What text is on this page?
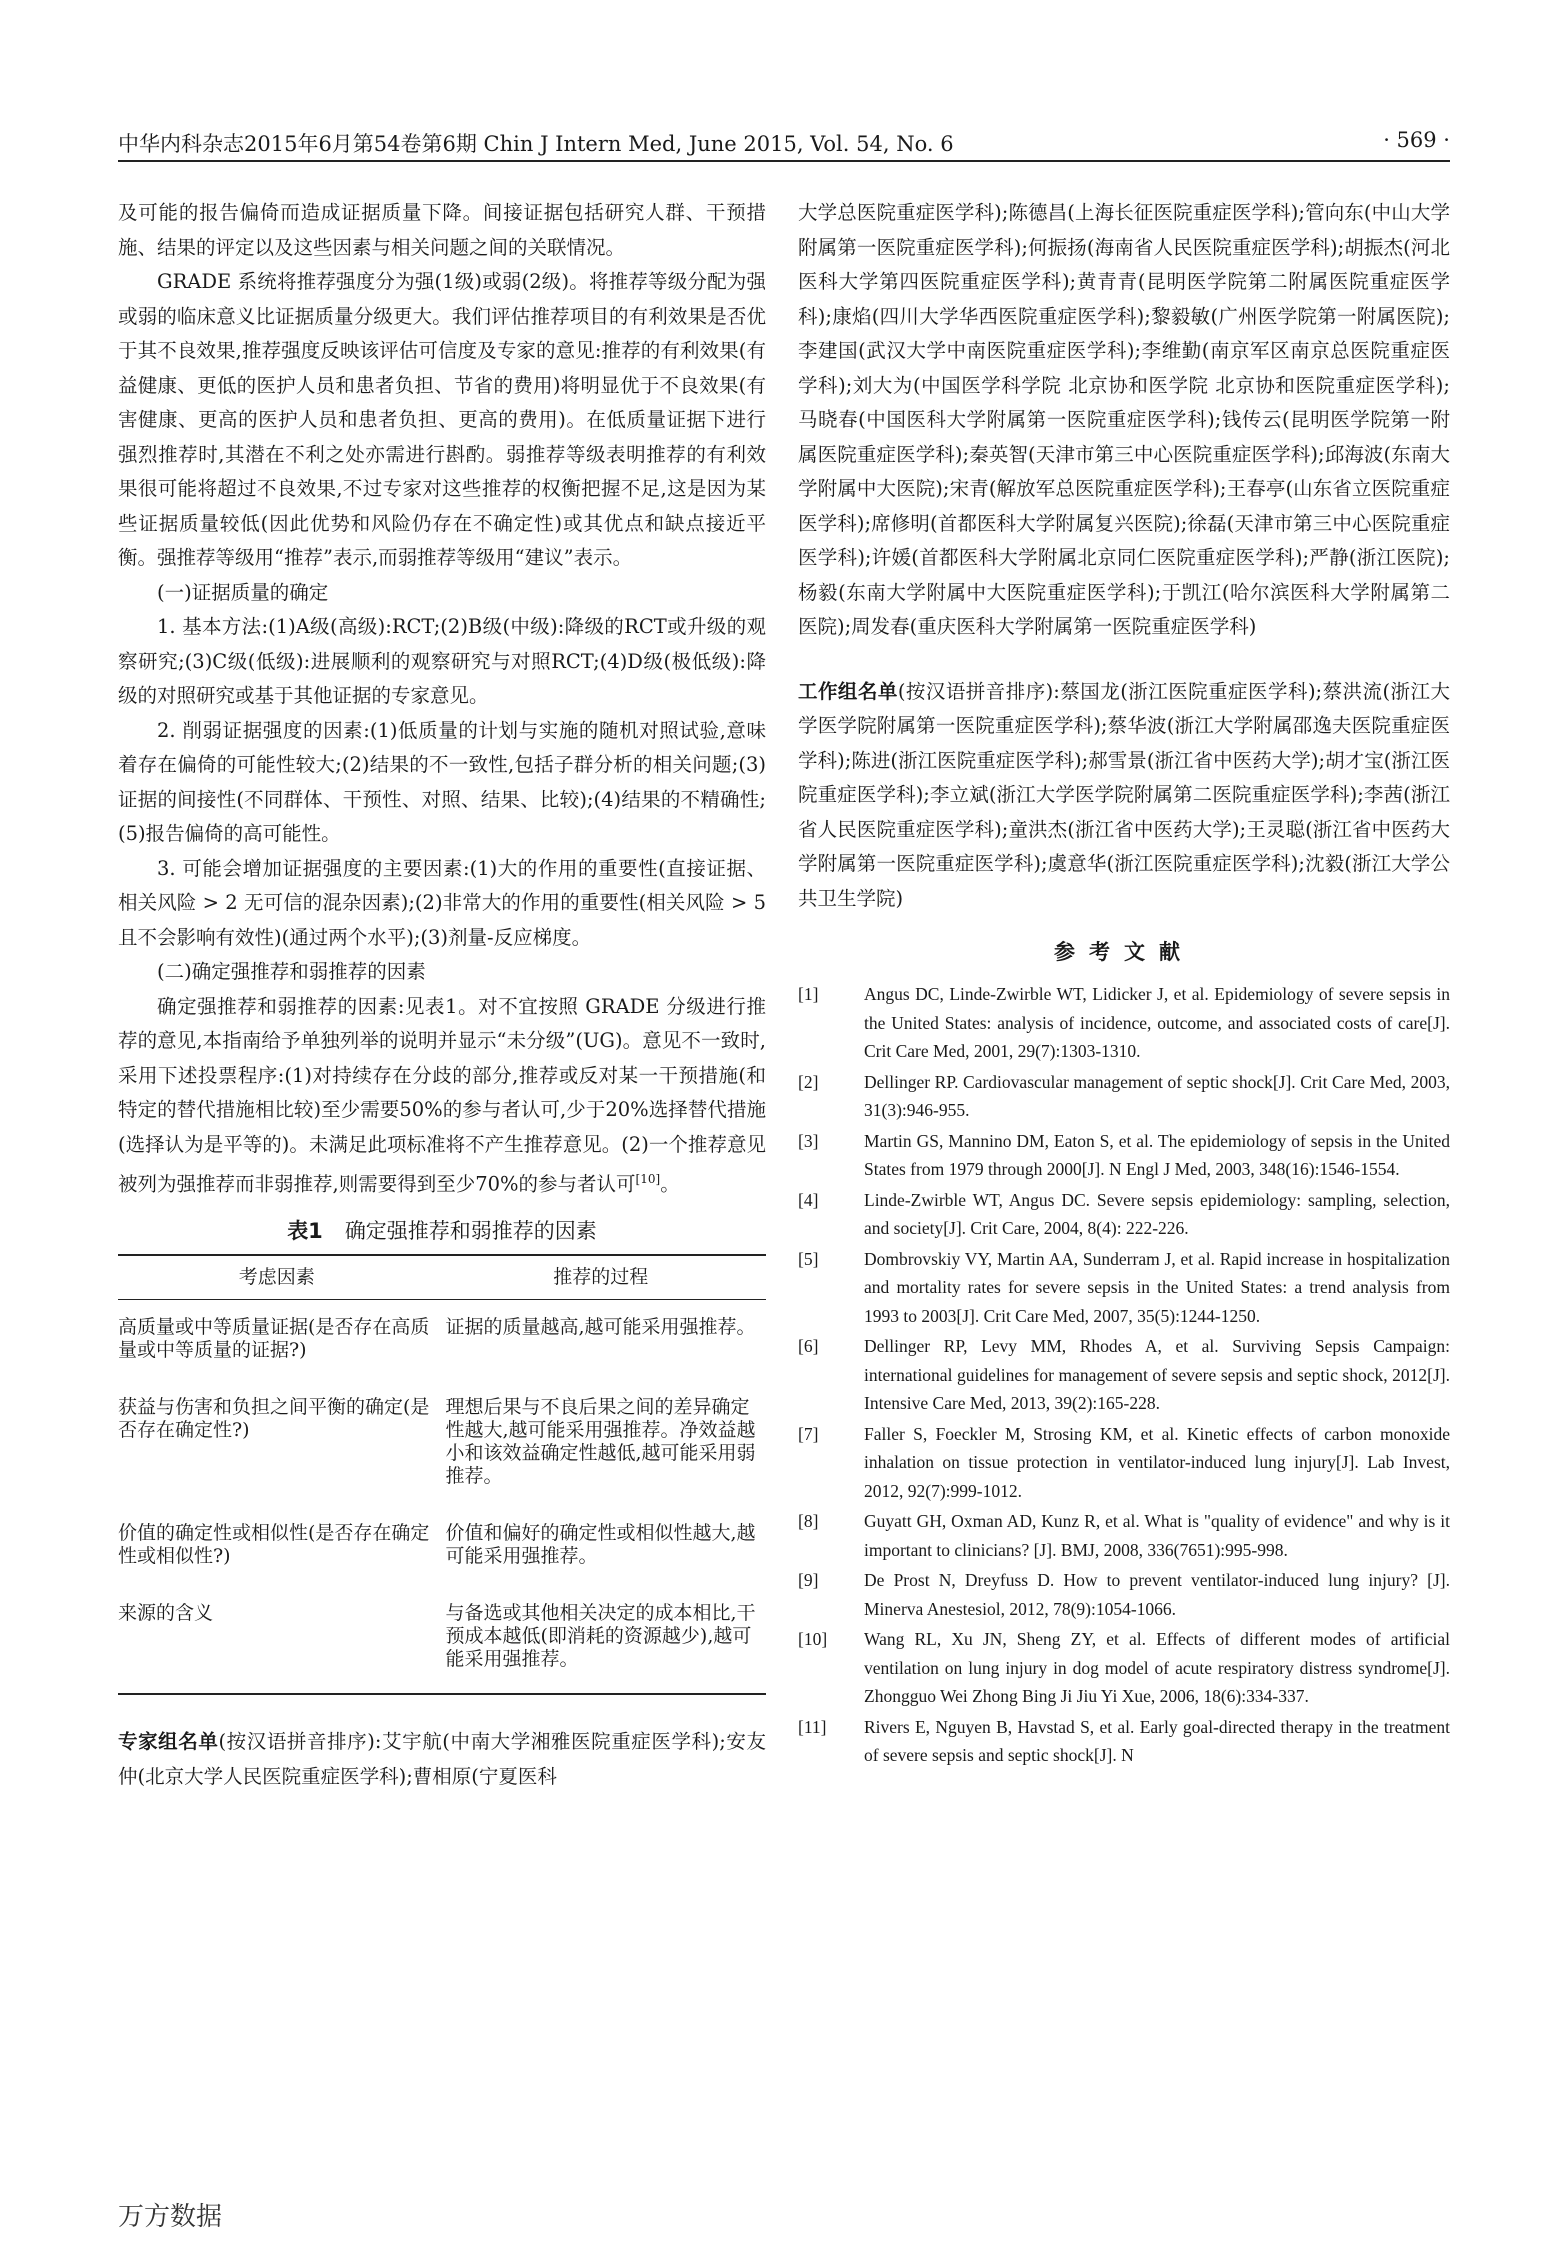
中华内科杂志2015年6月第54卷第6期 Chin J Intern Med, June 2015, Vol. 54, No. 6	· 569 ·

及可能的报告偏倚而造成证据质量下降。间接证据包括研究人群、干预措施、结果的评定以及这些因素与相关问题之间的关联情况。

GRADE 系统将推荐强度分为强(1级)或弱(2级)。将推荐等级分配为强或弱的临床意义比证据质量分级更大。我们评估推荐项目的有利效果是否优于其不良效果,推荐强度反映该评估可信度及专家的意见:推荐的有利效果(有益健康、更低的医护人员和患者负担、节省的费用)将明显优于不良效果(有害健康、更高的医护人员和患者负担、更高的费用)。在低质量证据下进行强烈推荐时,其潜在不利之处亦需进行斟酌。弱推荐等级表明推荐的有利效果很可能将超过不良效果,不过专家对这些推荐的权衡把握不足,这是因为某些证据质量较低(因此优势和风险仍存在不确定性)或其优点和缺点接近平衡。强推荐等级用“推荐”表示,而弱推荐等级用“建议”表示。

(一)证据质量的确定

1. 基本方法:(1)A级(高级):RCT;(2)B级(中级):降级的RCT或升级的观察研究;(3)C级(低级):进展顺利的观察研究与对照RCT;(4)D级(极低级):降级的对照研究或基于其他证据的专家意见。

2. 削弱证据强度的因素:(1)低质量的计划与实施的随机对照试验,意味着存在偏倚的可能性较大;(2)结果的不一致性,包括子群分析的相关问题;(3)证据的间接性(不同群体、干预性、对照、结果、比较);(4)结果的不精确性;(5)报告偏倚的高可能性。

3. 可能会增加证据强度的主要因素:(1)大的作用的重要性(直接证据、相关风险 > 2 无可信的混杂因素);(2)非常大的作用的重要性(相关风险 > 5 且不会影响有效性)(通过两个水平);(3)剂量-反应梯度。

(二)确定强推荐和弱推荐的因素

确定强推荐和弱推荐的因素:见表1。对不宜按照 GRADE 分级进行推荐的意见,本指南给予单独列举的说明并显示“未分级”(UG)。意见不一致时,采用下述投票程序:(1)对持续存在分歧的部分,推荐或反对某一干预措施(和特定的替代措施相比较)至少需要50%的参与者认可,少于20%选择替代措施(选择认为是平等的)。未满足此项标准将不产生推荐意见。(2)一个推荐意见被列为强推荐而非弱推荐,则需要得到至少70%的参与者认可[10]。

表1 确定强推荐和弱推荐的因素
考虑因素	推荐的过程
高质量或中等质量证据(是否存在高质量或中等质量的证据?)	证据的质量越高,越可能采用强推荐。
获益与伤害和负担之间平衡的确定(是否存在确定性?)	理想后果与不良后果之间的差异确定性越大,越可能采用强推荐。净效益越小和该效益确定性越低,越可能采用弱推荐。
价值的确定性或相似性(是否存在确定性或相似性?)	价值和偏好的确定性或相似性越大,越可能采用强推荐。
来源的含义	与备选或其他相关决定的成本相比,干预成本越低(即消耗的资源越少),越可能采用强推荐。

专家组名单(按汉语拼音排序):艾宇航(中南大学湘雅医院重症医学科);安友仲(北京大学人民医院重症医学科);曹相原(宁夏医科

大学总医院重症医学科);陈德昌(上海长征医院重症医学科);管向东(中山大学附属第一医院重症医学科);何振扬(海南省人民医院重症医学科);胡振杰(河北医科大学第四医院重症医学科);黄青青(昆明医学院第二附属医院重症医学科);康焰(四川大学华西医院重症医学科);黎毅敏(广州医学院第一附属医院);李建国(武汉大学中南医院重症医学科);李维勤(南京军区南京总医院重症医学科);刘大为(中国医学科学院 北京协和医学院 北京协和医院重症医学科);马晓春(中国医科大学附属第一医院重症医学科);钱传云(昆明医学院第一附属医院重症医学科);秦英智(天津市第三中心医院重症医学科);邱海波(东南大学附属中大医院);宋青(解放军总医院重症医学科);王春亭(山东省立医院重症医学科);席修明(首都医科大学附属复兴医院);徐磊(天津市第三中心医院重症医学科);许媛(首都医科大学附属北京同仁医院重症医学科);严静(浙江医院);杨毅(东南大学附属中大医院重症医学科);于凯江(哈尔滨医科大学附属第二医院);周发春(重庆医科大学附属第一医院重症医学科)

工作组名单(按汉语拼音排序):蔡国龙(浙江医院重症医学科);蔡洪流(浙江大学医学院附属第一医院重症医学科);蔡华波(浙江大学附属邵逸夫医院重症医学科);陈进(浙江医院重症医学科);郝雪景(浙江省中医药大学);胡才宝(浙江医院重症医学科);李立斌(浙江大学医学院附属第二医院重症医学科);李茜(浙江省人民医院重症医学科);童洪杰(浙江省中医药大学);王灵聪(浙江省中医药大学附属第一医院重症医学科);虞意华(浙江医院重症医学科);沈毅(浙江大学公共卫生学院)

参考文献
[1]	Angus DC, Linde-Zwirble WT, Lidicker J, et al. Epidemiology of severe sepsis in the United States: analysis of incidence, outcome, and associated costs of care[J]. Crit Care Med, 2001, 29(7):1303-1310.
[2]	Dellinger RP. Cardiovascular management of septic shock[J]. Crit Care Med, 2003, 31(3):946-955.
[3]	Martin GS, Mannino DM, Eaton S, et al. The epidemiology of sepsis in the United States from 1979 through 2000[J]. N Engl J Med, 2003, 348(16):1546-1554.
[4]	Linde-Zwirble WT, Angus DC. Severe sepsis epidemiology: sampling, selection, and society[J]. Crit Care, 2004, 8(4): 222-226.
[5]	Dombrovskiy VY, Martin AA, Sunderram J, et al. Rapid increase in hospitalization and mortality rates for severe sepsis in the United States: a trend analysis from 1993 to 2003[J]. Crit Care Med, 2007, 35(5):1244-1250.
[6]	Dellinger RP, Levy MM, Rhodes A, et al. Surviving Sepsis Campaign: international guidelines for management of severe sepsis and septic shock, 2012[J]. Intensive Care Med, 2013, 39(2):165-228.
[7]	Faller S, Foeckler M, Strosing KM, et al. Kinetic effects of carbon monoxide inhalation on tissue protection in ventilator-induced lung injury[J]. Lab Invest, 2012, 92(7):999-1012.
[8]	Guyatt GH, Oxman AD, Kunz R, et al. What is "quality of evidence" and why is it important to clinicians? [J]. BMJ, 2008, 336(7651):995-998.
[9]	De Prost N, Dreyfuss D. How to prevent ventilator-induced lung injury? [J]. Minerva Anestesiol, 2012, 78(9):1054-1066.
[10]	Wang RL, Xu JN, Sheng ZY, et al. Effects of different modes of artificial ventilation on lung injury in dog model of acute respiratory distress syndrome[J]. Zhongguo Wei Zhong Bing Ji Jiu Yi Xue, 2006, 18(6):334-337.
[11]	Rivers E, Nguyen B, Havstad S, et al. Early goal-directed therapy in the treatment of severe sepsis and septic shock[J]. N
万方数据
